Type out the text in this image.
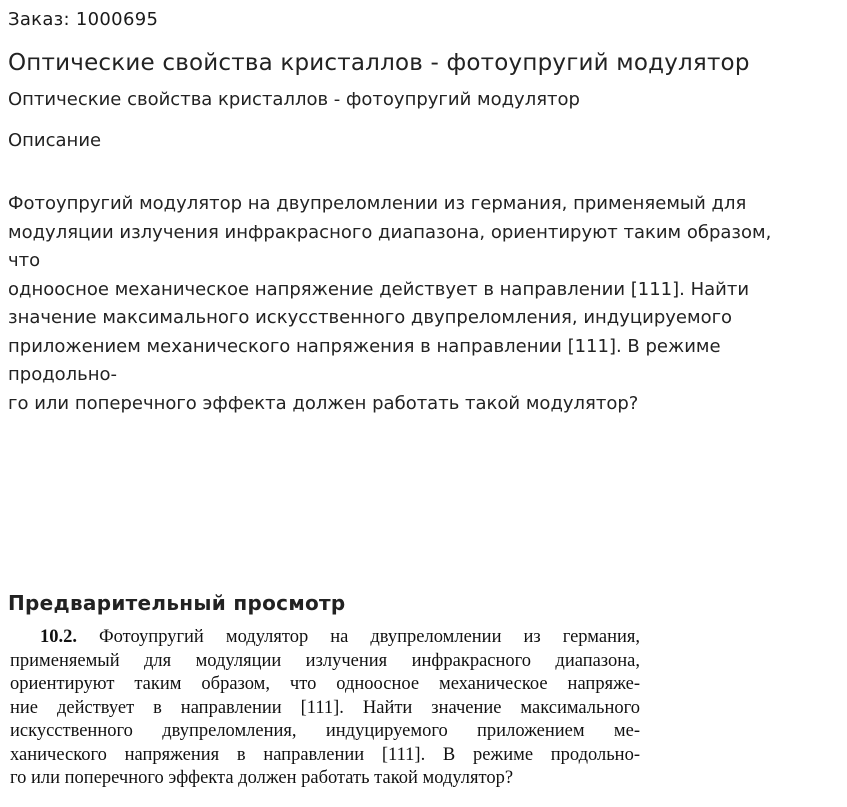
Заказ: 1000695
Оптические свойства кристаллов - фотоупругий модулятор
Оптические свойства кристаллов - фотоупругий модулятор
Описание
Фотоупругий модулятор на двупреломлении из германия, применяемый для
модуляции излучения инфракрасного диапазона, ориентируют таким образом,
что
одноосное механическое напряжение действует в направлении [111]. Найти
значение максимального искусственного двупреломления, индуцируемого
приложением механического напряжения в направлении [111]. В режиме
продольно-
го или поперечного эффекта должен работать такой модулятор?
Предварительный просмотр
10.2. Фотоупругий модулятор на двупреломлении из германия,
применяемый для модуляции излучения инфракрасного диапазона,
ориентируют таким образом, что одноосное механическое напряже-
ние действует в направлении [111]. Найти значение максимального
искусственного двупреломления, индуцируемого приложением ме-
ханического напряжения в направлении [111]. В режиме продольно-
го или поперечного эффекта должен работать такой модулятор?
